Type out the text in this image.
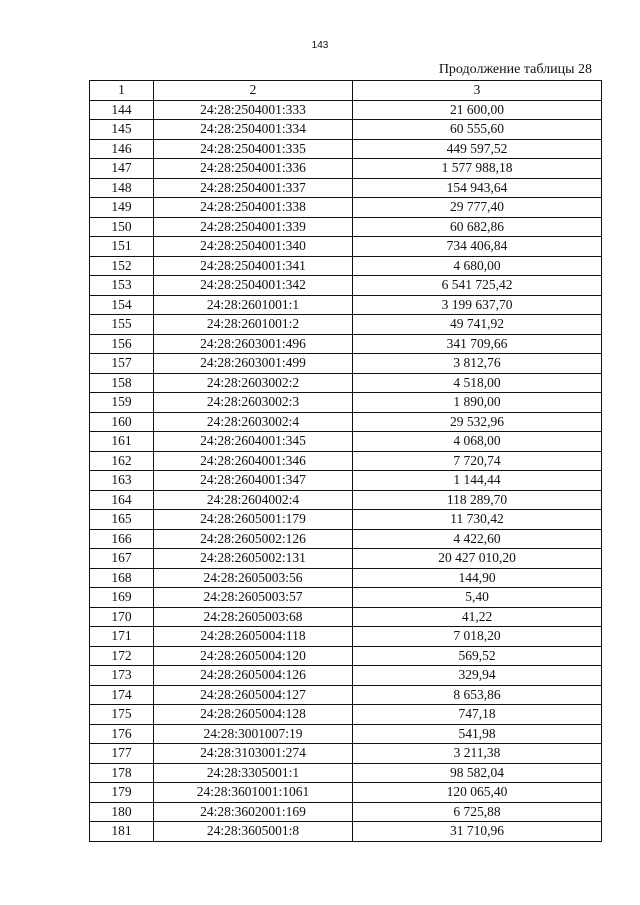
143
Продолжение таблицы 28
1	2	3
144	24:28:2504001:333	21 600,00
145	24:28:2504001:334	60 555,60
146	24:28:2504001:335	449 597,52
147	24:28:2504001:336	1 577 988,18
148	24:28:2504001:337	154 943,64
149	24:28:2504001:338	29 777,40
150	24:28:2504001:339	60 682,86
151	24:28:2504001:340	734 406,84
152	24:28:2504001:341	4 680,00
153	24:28:2504001:342	6 541 725,42
154	24:28:2601001:1	3 199 637,70
155	24:28:2601001:2	49 741,92
156	24:28:2603001:496	341 709,66
157	24:28:2603001:499	3 812,76
158	24:28:2603002:2	4 518,00
159	24:28:2603002:3	1 890,00
160	24:28:2603002:4	29 532,96
161	24:28:2604001:345	4 068,00
162	24:28:2604001:346	7 720,74
163	24:28:2604001:347	1 144,44
164	24:28:2604002:4	118 289,70
165	24:28:2605001:179	11 730,42
166	24:28:2605002:126	4 422,60
167	24:28:2605002:131	20 427 010,20
168	24:28:2605003:56	144,90
169	24:28:2605003:57	5,40
170	24:28:2605003:68	41,22
171	24:28:2605004:118	7 018,20
172	24:28:2605004:120	569,52
173	24:28:2605004:126	329,94
174	24:28:2605004:127	8 653,86
175	24:28:2605004:128	747,18
176	24:28:3001007:19	541,98
177	24:28:3103001:274	3 211,38
178	24:28:3305001:1	98 582,04
179	24:28:3601001:1061	120 065,40
180	24:28:3602001:169	6 725,88
181	24:28:3605001:8	31 710,96
